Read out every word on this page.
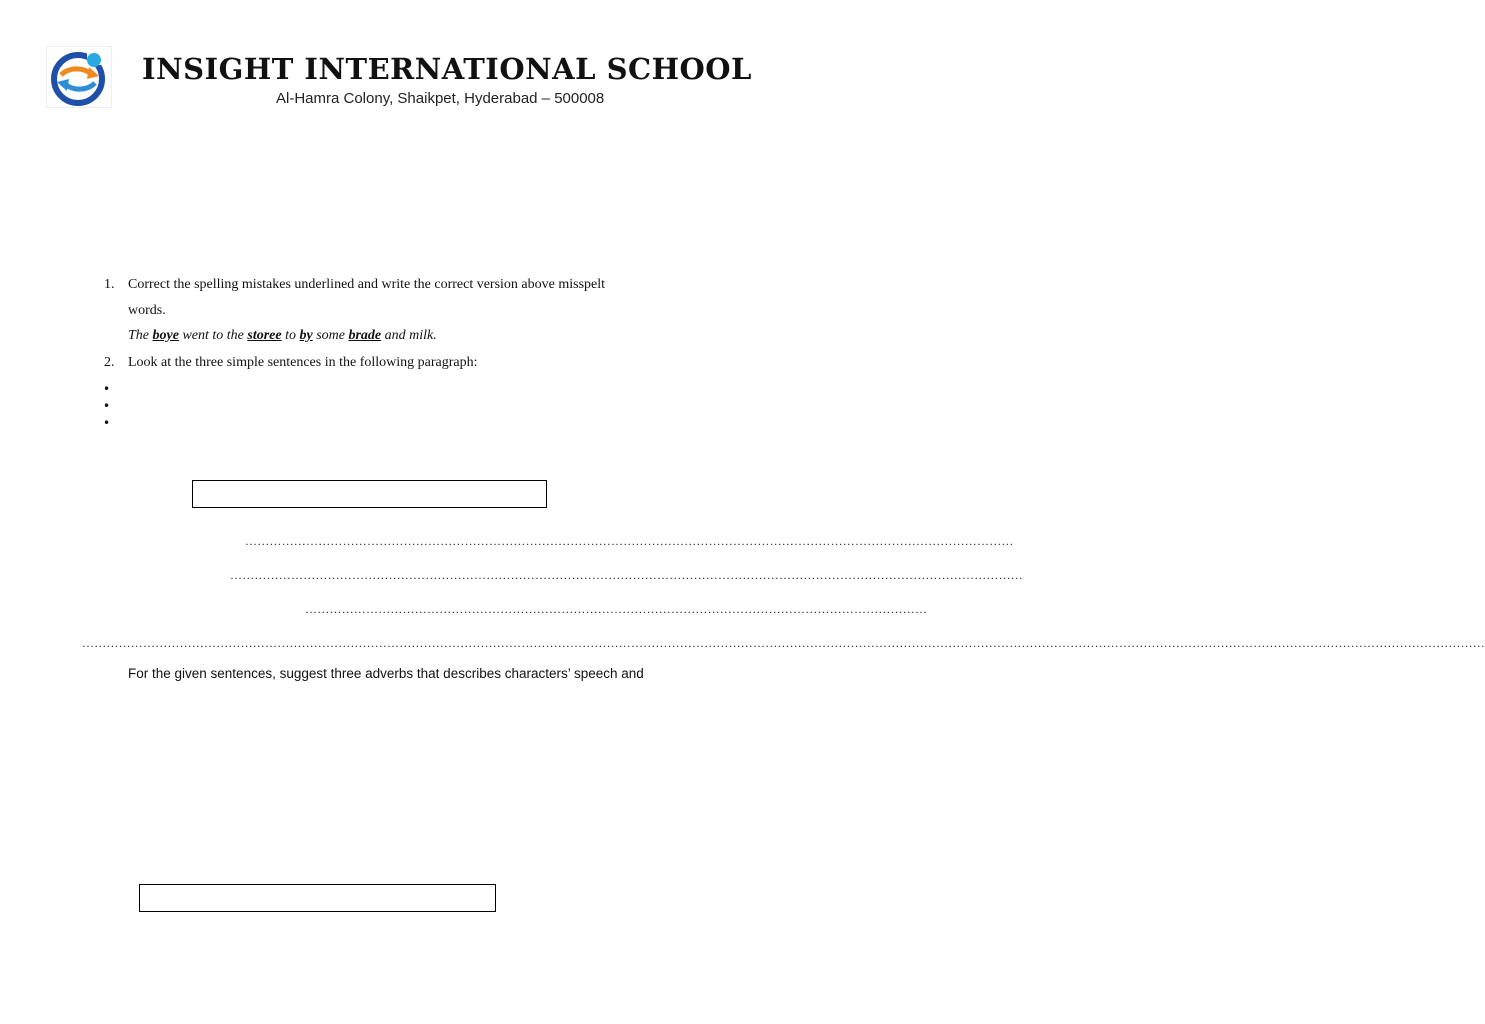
INSIGHT INTERNATIONAL SCHOOL
Al-Hamra Colony, Shaikpet, Hyderabad – 500008
1. Correct the spelling mistakes underlined and write the correct version above misspelt
words.
The boye went to the storee to by some brade and milk.
2. Look at the three simple sentences in the following paragraph:
•
•
•
………………………………………………………………………………………………………………………………………………………………………
……………………………………………………………………………………………………………………………………………………………………………
………………………………………………………………………………………………………………………………………
…………………………………………………………………………………………………………………………………………………………………………………………………………………………………………………………………………………………………………………
For the given sentences, suggest three adverbs that describes characters’ speech and
